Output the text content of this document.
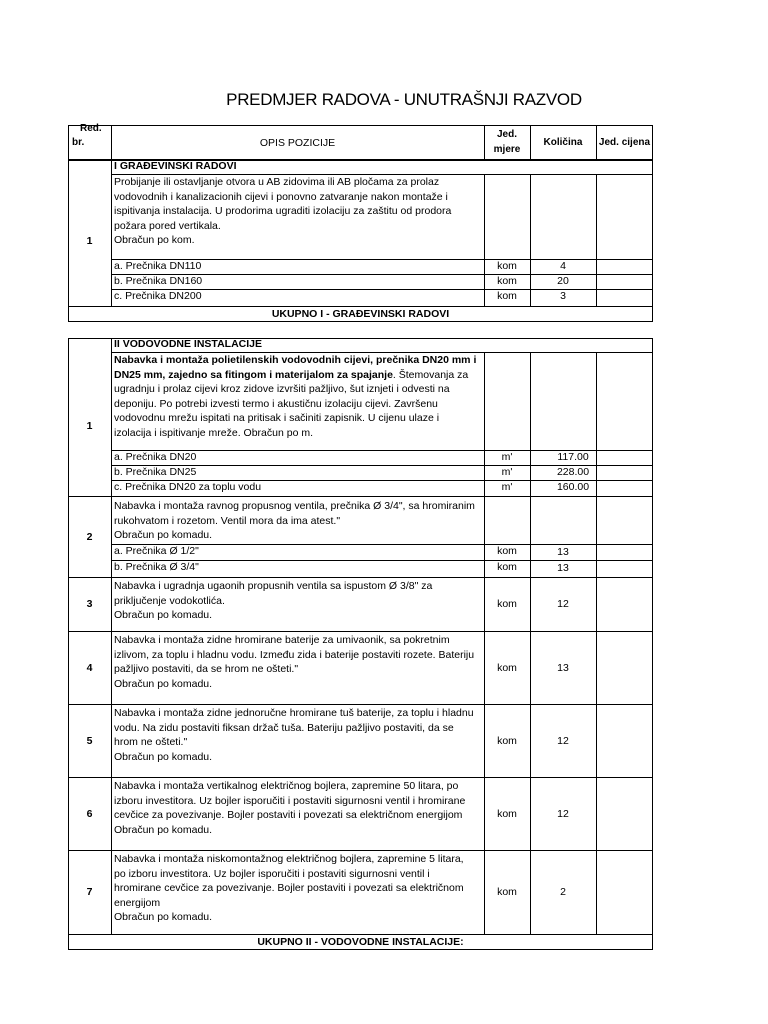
PREDMJER RADOVA - UNUTRAŠNJI RAZVOD
Red.
br.	OPIS POZICIJE
Jed.
mjere
Količina	Jed. cijena
I GRAĐEVINSKI RADOVI
1
Probijanje ili ostavljanje otvora u AB zidovima ili AB pločama za prolaz
vodovodnih i kanalizacionih cijevi i ponovno zatvaranje nakon montaže i
ispitivanja instalacija. U prodorima ugraditi izolaciju za zaštitu od prodora
požara pored vertikala.
Obračun po kom.
a. Prečnika DN110	kom	4
b. Prečnika DN160	kom	20
c. Prečnika DN200	kom	3
UKUPNO I - GRAĐEVINSKI RADOVI
II VODOVODNE INSTALACIJE
1
Nabavka i montaža polietilenskih vodovodnih cijevi, prečnika DN20 mm i
DN25 mm, zajedno sa fitingom i materijalom za spajanje. Štemovanja za
ugradnju i prolaz cijevi kroz zidove izvršiti pažljivo, šut iznjeti i odvesti na
deponiju. Po potrebi izvesti termo i akustičnu izolaciju cijevi. Završenu
vodovodnu mrežu ispitati na pritisak i sačiniti zapisnik. U cijenu ulaze i
izolacija i ispitivanje mreže. Obračun po m.
a. Prečnika DN20	m'	117.00
b. Prečnika DN25	m'	228.00
c. Prečnika DN20 za toplu vodu	m'	160.00
2
Nabavka i montaža ravnog propusnog ventila, prečnika Ø 3/4", sa hromiranim
rukohvatom i rozetom. Ventil mora da ima atest."
Obračun po komadu.
a. Prečnika Ø 1/2"	kom	13
b. Prečnika Ø 3/4"	kom	13
3
Nabavka i ugradnja ugaonih propusnih ventila sa ispustom Ø 3/8" za
priključenje vodokotlića.
Obračun po komadu.
kom	12
4
Nabavka i montaža zidne hromirane baterije za umivaonik, sa pokretnim
izlivom, za toplu i hladnu vodu. Između zida i baterije postaviti rozete. Bateriju
pažljivo postaviti, da se hrom ne ošteti."
Obračun po komadu.
kom	13
5
Nabavka i montaža zidne jednoručne hromirane tuš baterije, za toplu i hladnu
vodu. Na zidu postaviti fiksan držač tuša. Bateriju pažljivo postaviti, da se
hrom ne ošteti."
Obračun po komadu.
kom	12
6
Nabavka i montaža vertikalnog električnog bojlera, zapremine 50 litara, po
izboru investitora. Uz bojler isporučiti i postaviti sigurnosni ventil i hromirane
cevčice za povezivanje. Bojler postaviti i povezati sa električnom energijom
Obračun po komadu.
kom	12
7
Nabavka i montaža niskomontažnog električnog bojlera, zapremine 5 litara,
po izboru investitora. Uz bojler isporučiti i postaviti sigurnosni ventil i
hromirane cevčice za povezivanje. Bojler postaviti i povezati sa električnom
energijom
Obračun po komadu.
kom	2
UKUPNO II - VODOVODNE INSTALACIJE:
